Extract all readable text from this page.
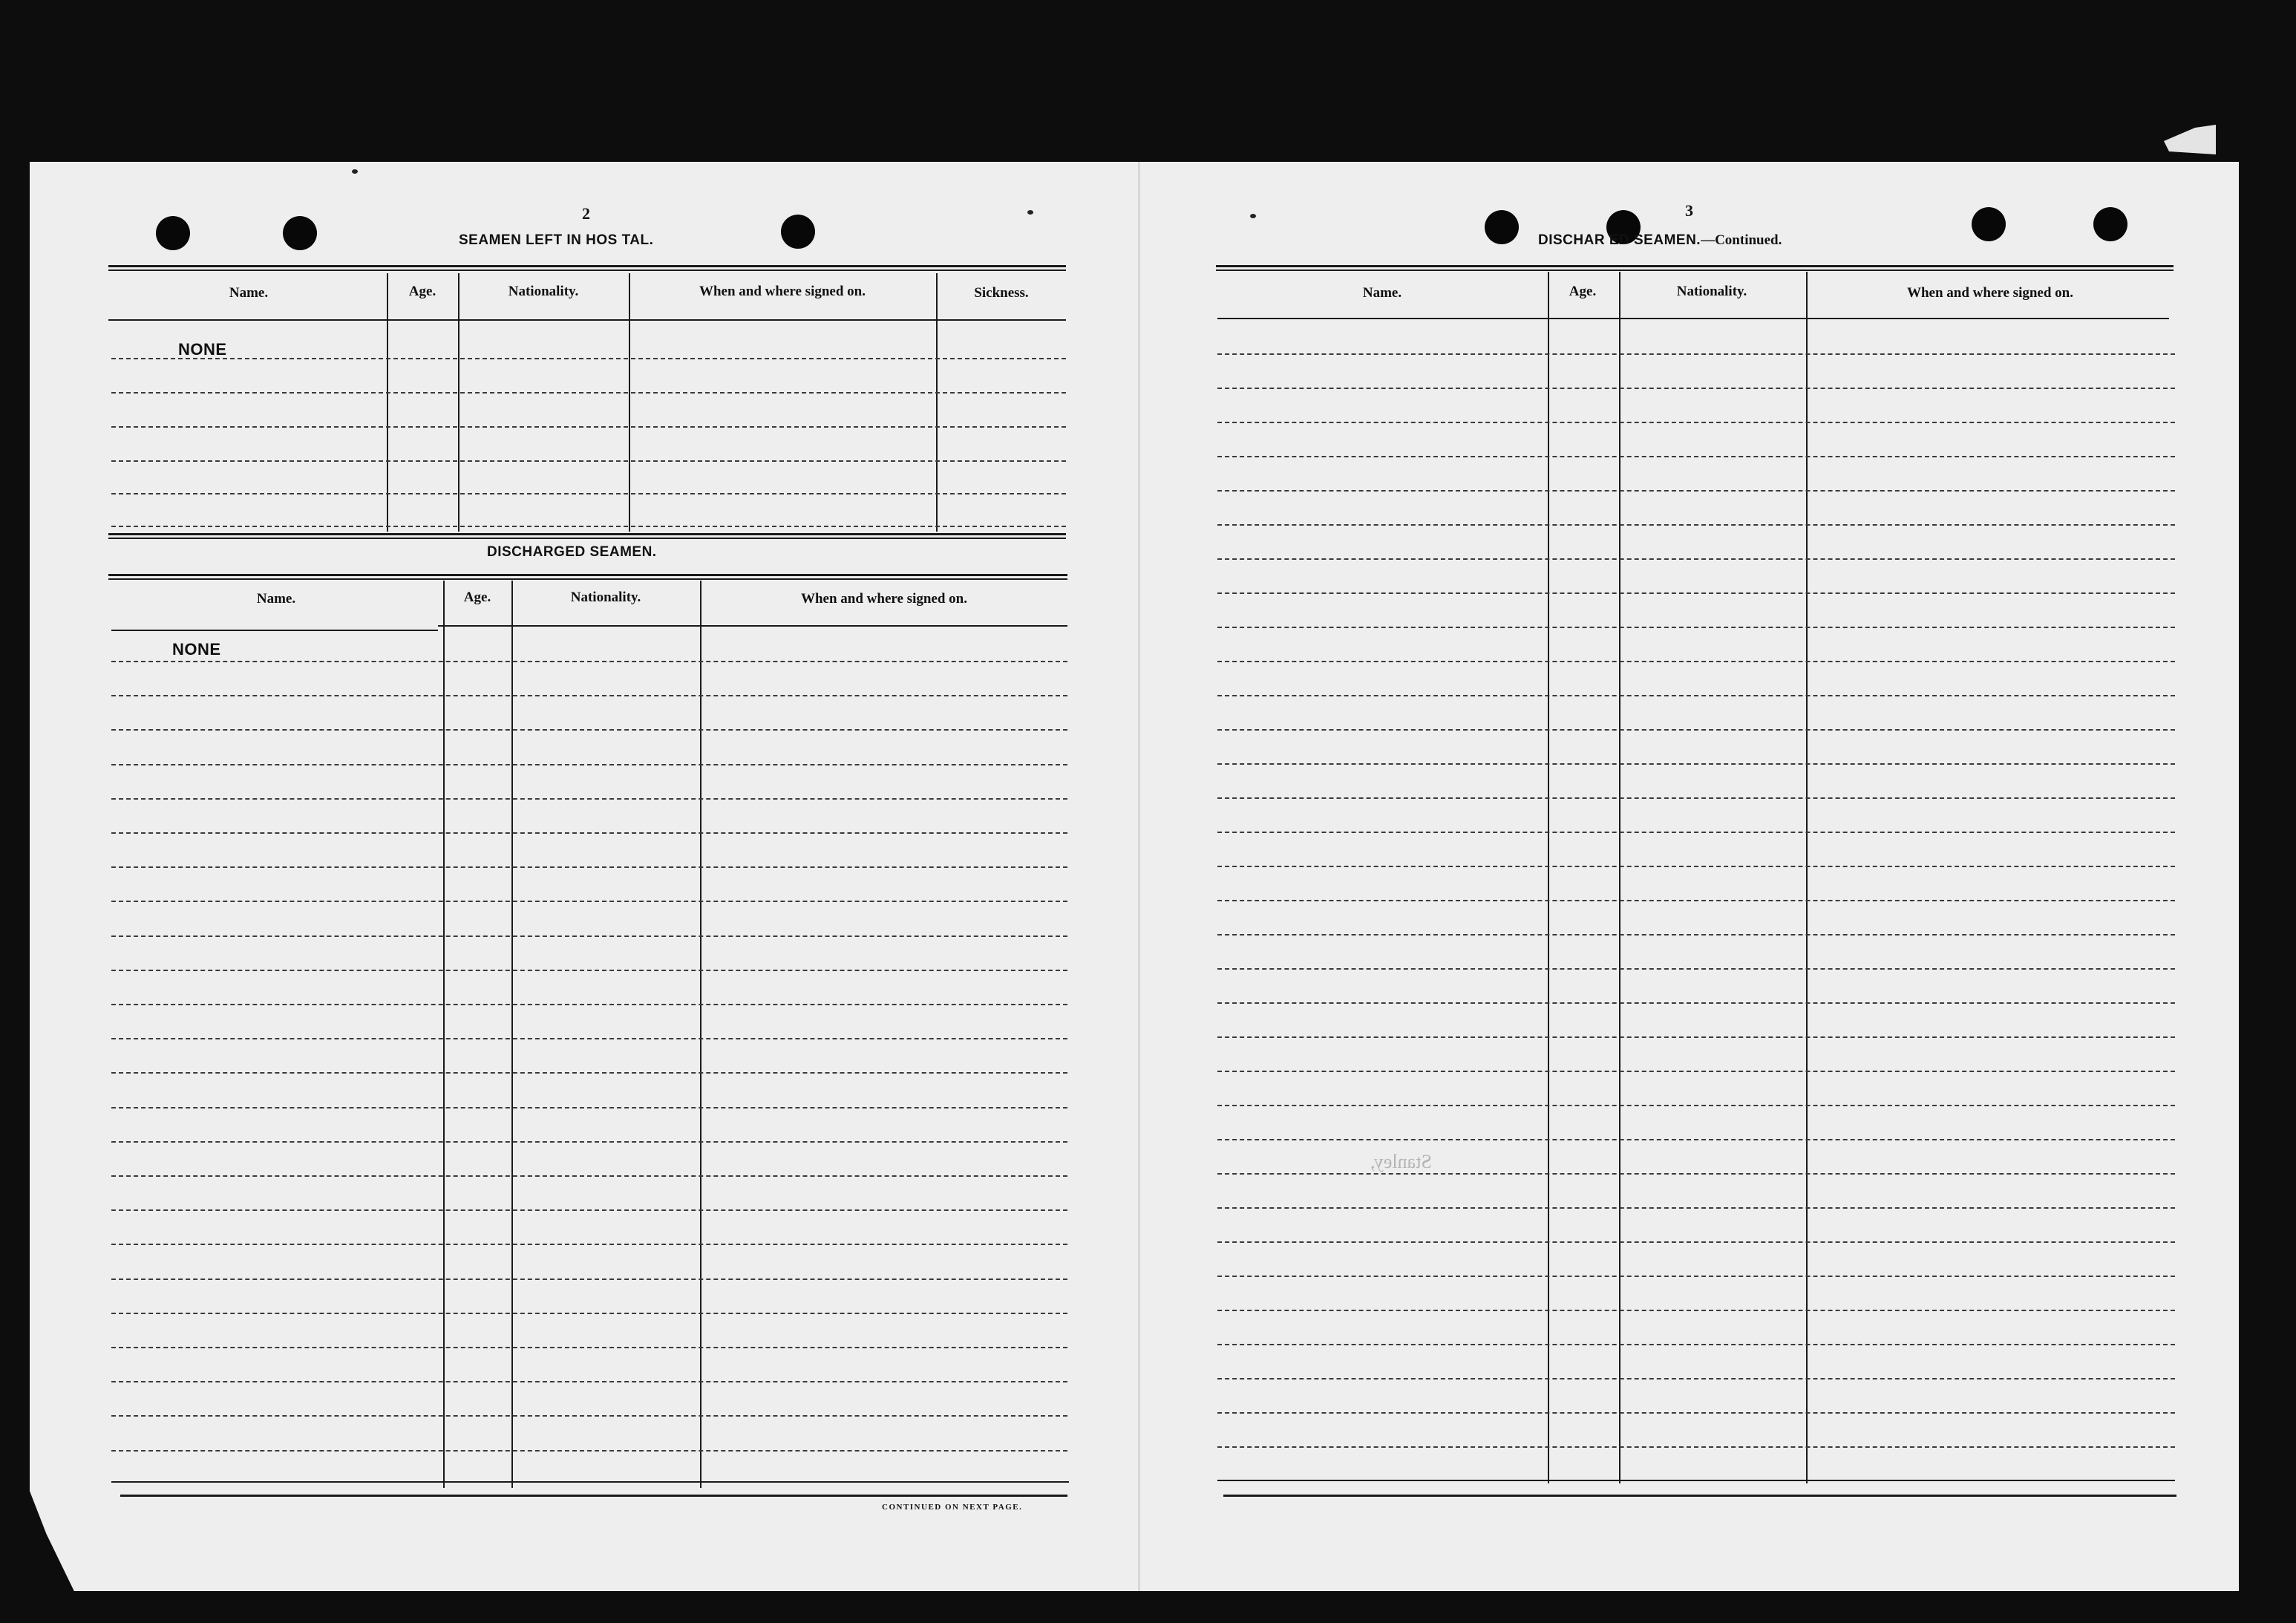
2
SEAMEN LEFT IN HOS TAL.
Name.	Age.	Nationality.	When and where signed on.	Sickness.
NONE
DISCHARGED SEAMEN.
Name.	Age.	Nationality.	When and where signed on.
NONE
CONTINUED ON NEXT PAGE.
3
DISCHAR ED SEAMEN.—Continued.
Name.	Age.	Nationality.	When and where signed on.
Stanley,
